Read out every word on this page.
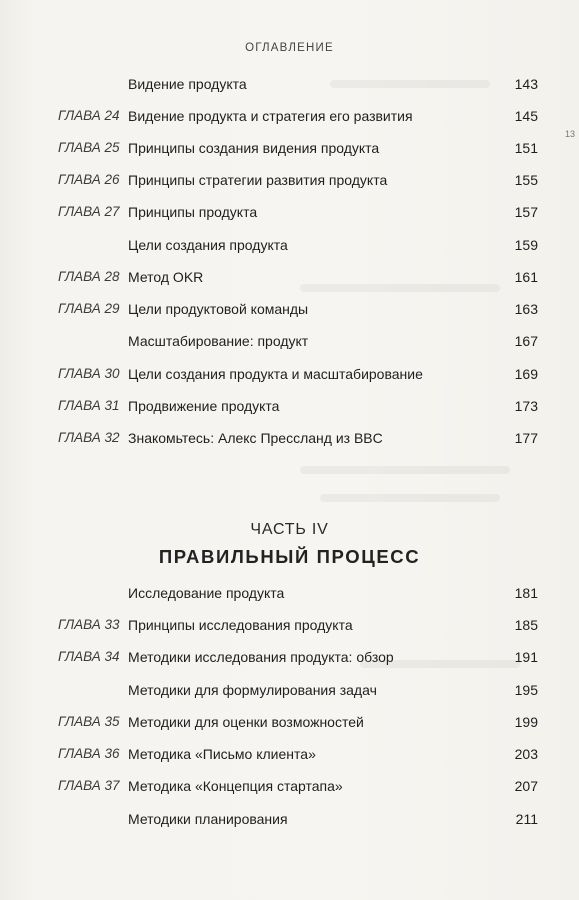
ОГЛАВЛЕНИЕ
13
Видение продукта	143
ГЛАВА 24 Видение продукта и стратегия его развития	145
ГЛАВА 25 Принципы создания видения продукта	151
ГЛАВА 26 Принципы стратегии развития продукта	155
ГЛАВА 27 Принципы продукта	157
Цели создания продукта	159
ГЛАВА 28 Метод OKR	161
ГЛАВА 29 Цели продуктовой команды	163
Масштабирование: продукт	167
ГЛАВА 30 Цели создания продукта и масштабирование	169
ГЛАВА 31 Продвижение продукта	173
ГЛАВА 32 Знакомьтесь: Алекс Прессланд из BBC	177
ЧАСТЬ IV
ПРАВИЛЬНЫЙ ПРОЦЕСС
Исследование продукта	181
ГЛАВА 33 Принципы исследования продукта	185
ГЛАВА 34 Методики исследования продукта: обзор	191
Методики для формулирования задач	195
ГЛАВА 35 Методики для оценки возможностей	199
ГЛАВА 36 Методика «Письмо клиента»	203
ГЛАВА 37 Методика «Концепция стартапа»	207
Методики планирования	211
